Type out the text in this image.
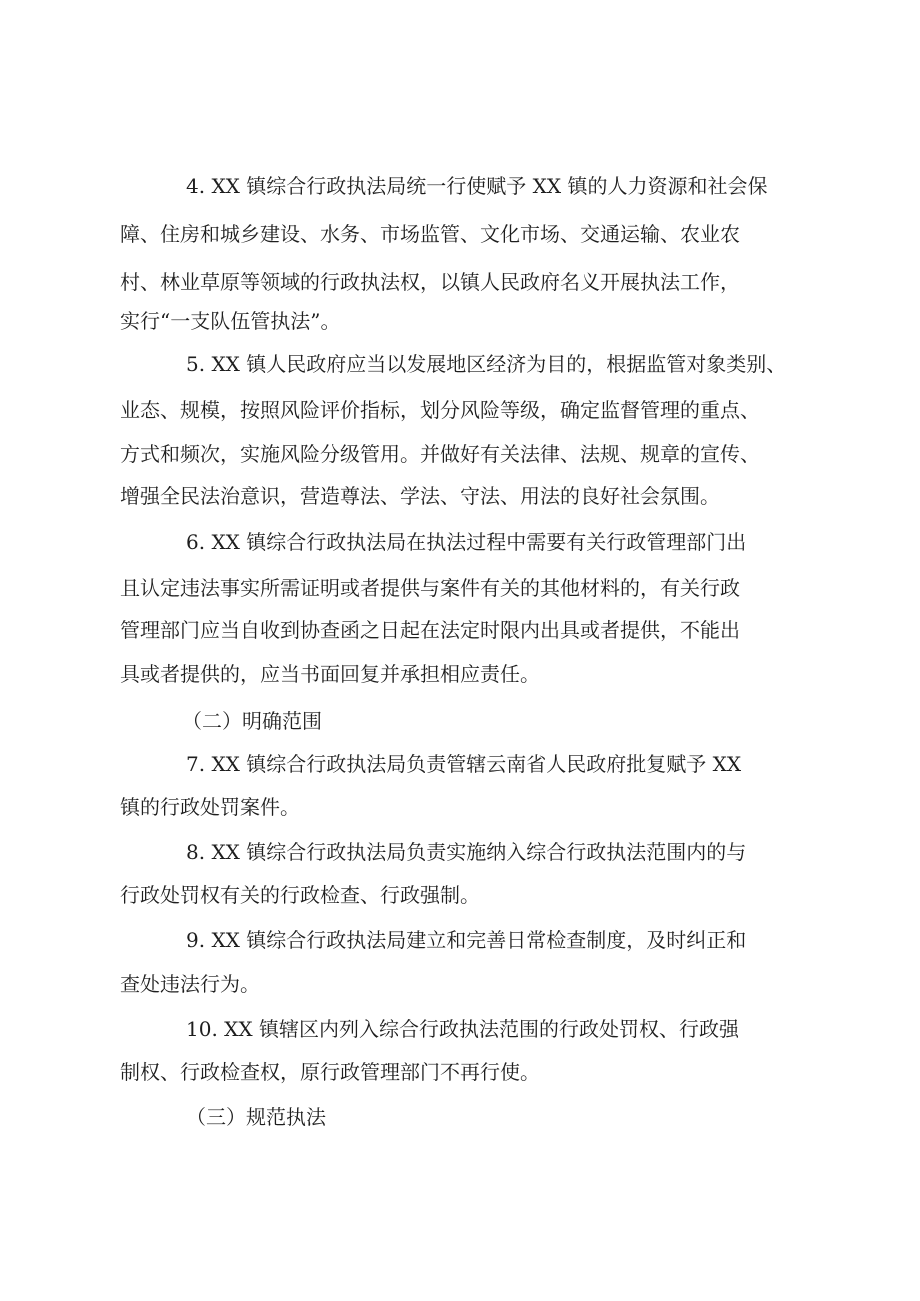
4. XX 镇综合行政执法局统一行使赋予 XX 镇的人力资源和社会保
障、住房和城乡建设、水务、市场监管、文化市场、交通运输、农业农
村、林业草原等领域的行政执法权，以镇人民政府名义开展执法工作，
实行“一支队伍管执法”。
5. XX 镇人民政府应当以发展地区经济为目的，根据监管对象类别、
业态、规模，按照风险评价指标，划分风险等级，确定监督管理的重点、
方式和频次，实施风险分级管用。并做好有关法律、法规、规章的宣传、
增强全民法治意识，营造尊法、学法、守法、用法的良好社会氛围。
6. XX 镇综合行政执法局在执法过程中需要有关行政管理部门出
且认定违法事实所需证明或者提供与案件有关的其他材料的，有关行政
管理部门应当自收到协查函之日起在法定时限内出具或者提供，不能出
具或者提供的，应当书面回复并承担相应责任。
（二）明确范围
7. XX 镇综合行政执法局负责管辖云南省人民政府批复赋予 XX
镇的行政处罚案件。
8. XX 镇综合行政执法局负责实施纳入综合行政执法范围内的与
行政处罚权有关的行政检查、行政强制。
9. XX 镇综合行政执法局建立和完善日常检查制度，及时纠正和
查处违法行为。
10. XX 镇辖区内列入综合行政执法范围的行政处罚权、行政强
制权、行政检查权，原行政管理部门不再行使。
（三）规范执法
